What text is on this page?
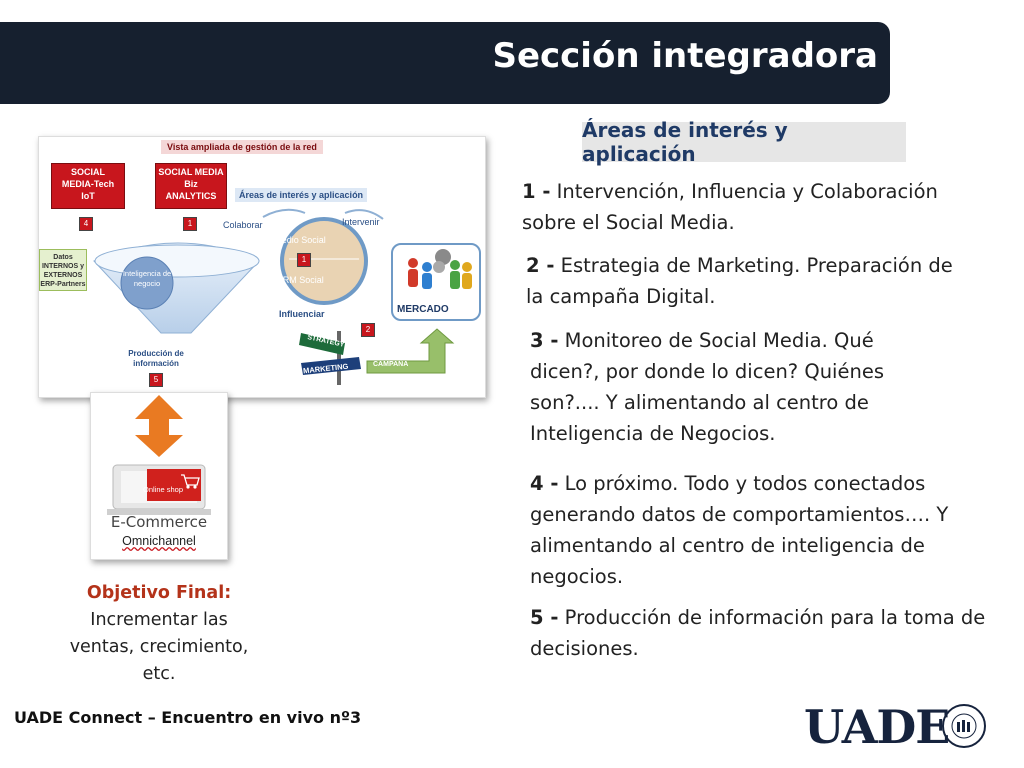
Sección integradora
Áreas de interés y aplicación
1 - Intervención, Influencia y Colaboración sobre el Social Media.
2 - Estrategia de Marketing. Preparación de la campaña Digital.
3 - Monitoreo de Social Media. Qué dicen?, por donde lo dicen? Quiénes son?.... Y alimentando al centro de Inteligencia de Negocios.
4 - Lo próximo. Todo y todos conectados generando datos de comportamientos…. Y alimentando al centro de inteligencia de negocios.
5 - Producción de información para la toma de decisiones.
Vista ampliada de gestión de la red
SOCIAL MEDIA-Tech IoT
SOCIAL MEDIA Biz ANALYTICS
4	1
Áreas de interés y aplicación
Datos INTERNOS y EXTERNOS ERP-Partners
Inteligencia de negocio
Producción de información
5
Colaborar	Intervenir
Medio Social
1
CRM Social
Influenciar
2
MERCADO
STRATEGY
MARKETING	CAMPAÑA
Online shop
E-Commerce
Omnichannel
Objetivo Final:
Incrementar las ventas, crecimiento, etc.
UADE Connect – Encuentro en vivo nº3	UADE
